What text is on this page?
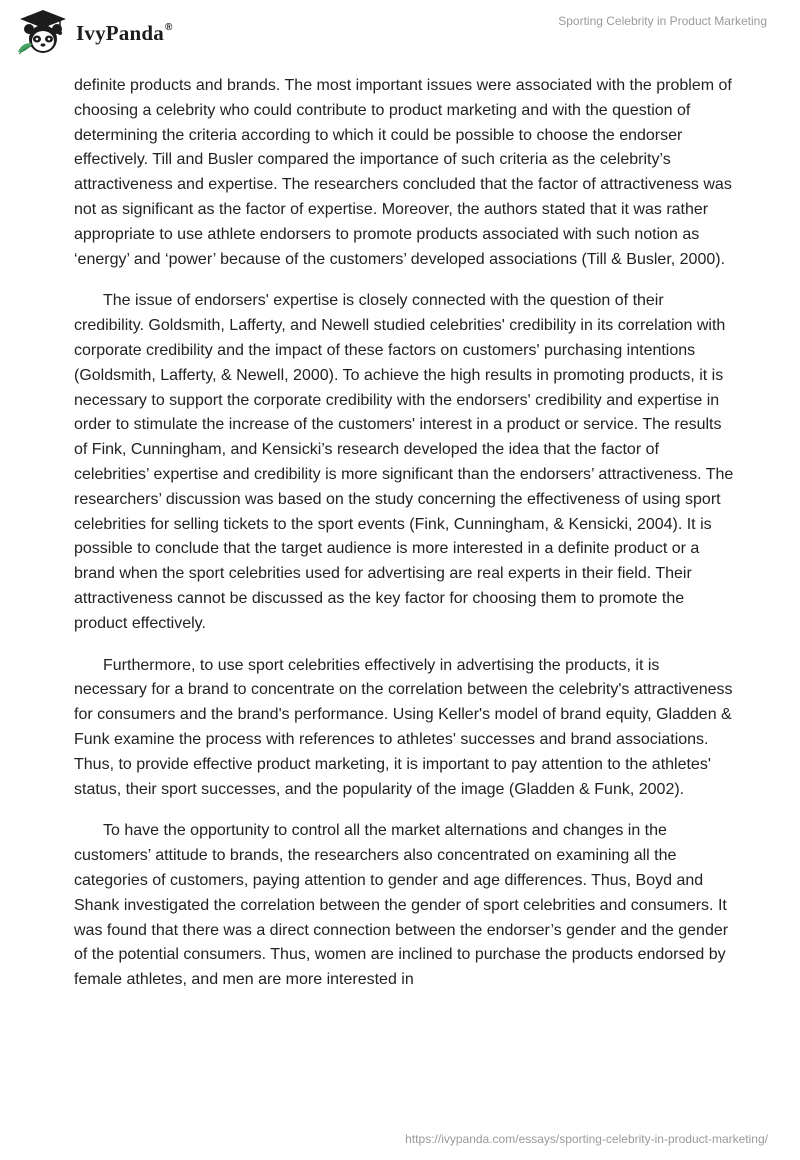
IvyPanda®	Sporting Celebrity in Product Marketing

definite products and brands. The most important issues were associated with the problem of choosing a celebrity who could contribute to product marketing and with the question of determining the criteria according to which it could be possible to choose the endorser effectively. Till and Busler compared the importance of such criteria as the celebrity’s attractiveness and expertise. The researchers concluded that the factor of attractiveness was not as significant as the factor of expertise. Moreover, the authors stated that it was rather appropriate to use athlete endorsers to promote products associated with such notion as ‘energy’ and ‘power’ because of the customers’ developed associations (Till & Busler, 2000).

The issue of endorsers' expertise is closely connected with the question of their credibility. Goldsmith, Lafferty, and Newell studied celebrities' credibility in its correlation with corporate credibility and the impact of these factors on customers' purchasing intentions (Goldsmith, Lafferty, & Newell, 2000). To achieve the high results in promoting products, it is necessary to support the corporate credibility with the endorsers' credibility and expertise in order to stimulate the increase of the customers' interest in a product or service. The results of Fink, Cunningham, and Kensicki’s research developed the idea that the factor of celebrities’ expertise and credibility is more significant than the endorsers’ attractiveness. The researchers’ discussion was based on the study concerning the effectiveness of using sport celebrities for selling tickets to the sport events (Fink, Cunningham, & Kensicki, 2004). It is possible to conclude that the target audience is more interested in a definite product or a brand when the sport celebrities used for advertising are real experts in their field. Their attractiveness cannot be discussed as the key factor for choosing them to promote the product effectively.

Furthermore, to use sport celebrities effectively in advertising the products, it is necessary for a brand to concentrate on the correlation between the celebrity's attractiveness for consumers and the brand's performance. Using Keller's model of brand equity, Gladden & Funk examine the process with references to athletes' successes and brand associations. Thus, to provide effective product marketing, it is important to pay attention to the athletes' status, their sport successes, and the popularity of the image (Gladden & Funk, 2002).

To have the opportunity to control all the market alternations and changes in the customers’ attitude to brands, the researchers also concentrated on examining all the categories of customers, paying attention to gender and age differences. Thus, Boyd and Shank investigated the correlation between the gender of sport celebrities and consumers. It was found that there was a direct connection between the endorser’s gender and the gender of the potential consumers. Thus, women are inclined to purchase the products endorsed by female athletes, and men are more interested in

https://ivypanda.com/essays/sporting-celebrity-in-product-marketing/
